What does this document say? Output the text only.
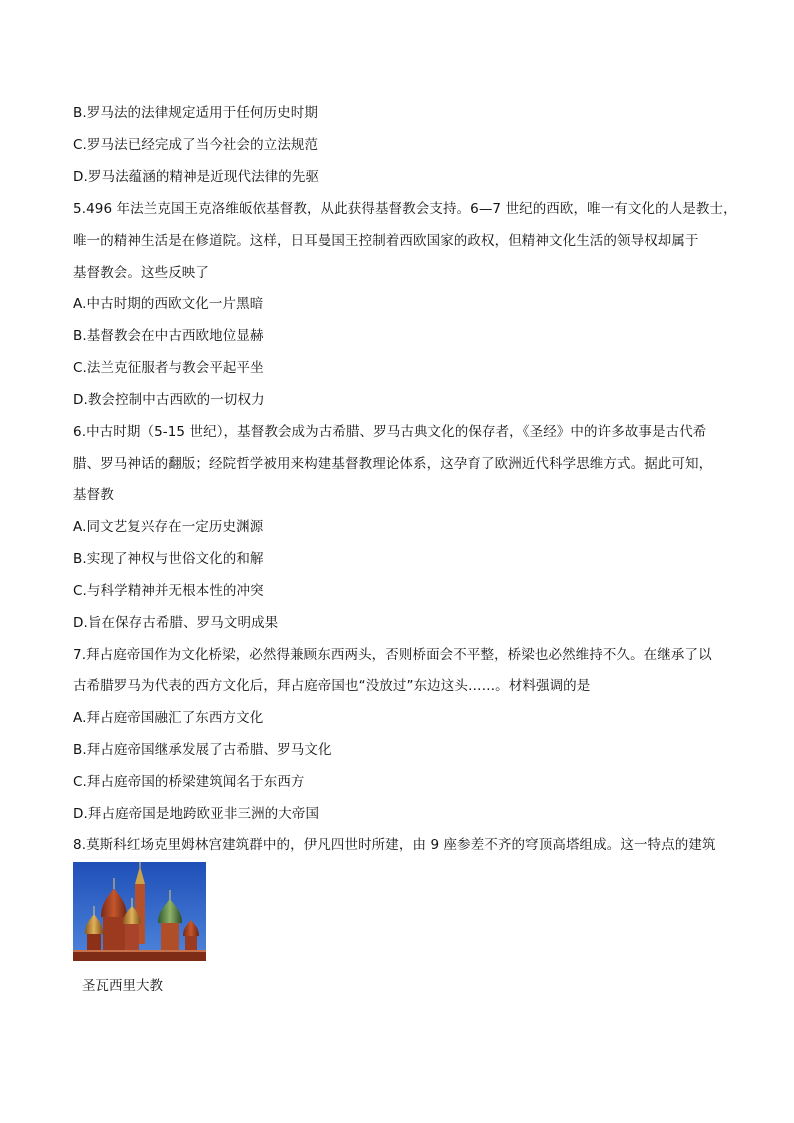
B.罗马法的法律规定适用于任何历史时期
C.罗马法已经完成了当今社会的立法规范
D.罗马法蕴涵的精神是近现代法律的先驱
5.496 年法兰克国王克洛维皈依基督教，从此获得基督教会支持。6—7 世纪的西欧，唯一有文化的人是教士，
唯一的精神生活是在修道院。这样，日耳曼国王控制着西欧国家的政权，但精神文化生活的领导权却属于
基督教会。这些反映了
A.中古时期的西欧文化一片黑暗
B.基督教会在中古西欧地位显赫
C.法兰克征服者与教会平起平坐
D.教会控制中古西欧的一切权力
6.中古时期（5-15 世纪），基督教会成为古希腊、罗马古典文化的保存者，《圣经》中的许多故事是古代希
腊、罗马神话的翻版；经院哲学被用来构建基督教理论体系，这孕育了欧洲近代科学思维方式。据此可知，
基督教
A.同文艺复兴存在一定历史渊源
B.实现了神权与世俗文化的和解
C.与科学精神并无根本性的冲突
D.旨在保存古希腊、罗马文明成果
7.拜占庭帝国作为文化桥梁，必然得兼顾东西两头，否则桥面会不平整，桥梁也必然维持不久。在继承了以
古希腊罗马为代表的西方文化后，拜占庭帝国也“没放过”东边这头……。材料强调的是
A.拜占庭帝国融汇了东西方文化
B.拜占庭帝国继承发展了古希腊、罗马文化
C.拜占庭帝国的桥梁建筑闻名于东西方
D.拜占庭帝国是地跨欧亚非三洲的大帝国
8.莫斯科红场克里姆林宫建筑群中的，伊凡四世时所建，由 9 座参差不齐的穹顶高塔组成。这一特点的建筑
圣瓦西里大教
